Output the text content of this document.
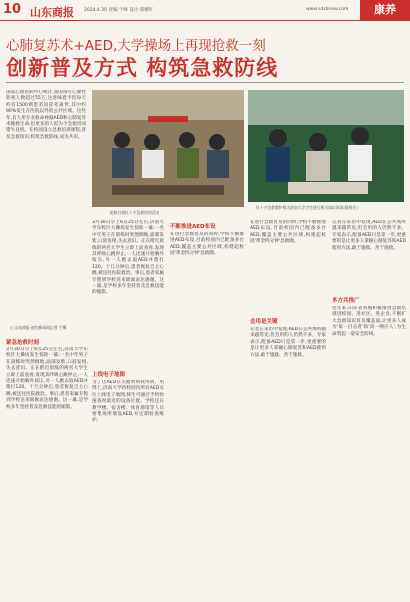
10 山东商报 2024.4.30 责编:于峰 设计:郑娜红	www.sdsbnew.com	康养
心肺复苏术+AED,大学操场上再现抢救一刻
创新普及方式 构筑急救防线
国家心血管病中心统计,我国每年心源性猝死人数超过55万,这意味着平均每天约有1500例患者因猝死离世,其中约90%发生在医院以外的公共区域。这些年,有人用专业救命神器AED和心肺复苏术挽救生命,但更多的人因为不会使用而错失良机。在校园设立急救培训课程,普及急救知识,构筑急救防线,成为共识。
○ 山东商报·速豹新闻网记者 于娜
紧急抢救时刻
3月30日早上6点25分左右,济南大学东校区大操场发生惊险一幕:一名中年男子在晨练时突然倒地,面部发紫,口唇发绀,失去意识。正在附近晨练的两名大学生立即上前查看,发现其呼吸心跳停止,一人迅速开始胸外按压,另一人跑去取AED并拨打120。十几分钟后,患者恢复自主心跳,被送往医院救治。事后,患者家属专程到学校送来锦旗表达感谢。这一幕,是学校多年坚持普及急救技能的缩影。
抢救开展红十字急救培训活动
红十字急救教护师为济南大学学生进行相关知识培训(资料片)
3月30日早上6点25分左右,济南大学东校区大操场发生惊险一幕:一名中年男子在晨练时突然倒地,面部发紫,口唇发绀,失去意识。正在附近晨练的两名大学生立即上前查看,发现其呼吸心跳停止,一人迅速开始胸外按压,另一人跑去取AED并拨打120。十几分钟后,患者恢复自主心跳,被送往医院救治。事后,患者家属专程到学校送来锦旗表达感谢。这一幕,是学校多年坚持普及急救技能的缩影。
上线电子地图
为了让AED在关键时刻找得到、用得上,济南大学将校园内所有AED点位上线电子地图,师生可通过手机快速查询最近的设备位置。学校还在教学楼、宿舍楼、体育场馆等人员密集场所增设AED,并定期检查维护。
不断推进AED布设
在进行急救普及的同时,学校不断推进AED布设,目前校园内已配备多台AED,覆盖主要公共区域,构建起校园'黄金四分钟'急救圈。
在进行急救普及的同时,学校不断推进AED布设,目前校园内已配备多台AED,覆盖主要公共区域,构建起校园'黄金四分钟'急救圈。
会用是关键
记者在采访中发现,AED在公共场所越来越常见,但会用的人仍然不多。专家表示,配备AED只是第一步,更重要的是让更多人掌握心肺复苏和AED使用方法,敢于施救、善于施救。
记者在采访中发现,AED在公共场所越来越常见,但会用的人仍然不多。专家表示,配备AED只是第一步,更重要的是让更多人掌握心肺复苏和AED使用方法,敢于施救、善于施救。
多方共推广
近年来,山东省各地积极推进急救培训进校园、进社区、进企业,不断扩大急救知识普及覆盖面,让更多人成为'第一目击者'和'第一响应人',为生命筑起一道安全防线。
